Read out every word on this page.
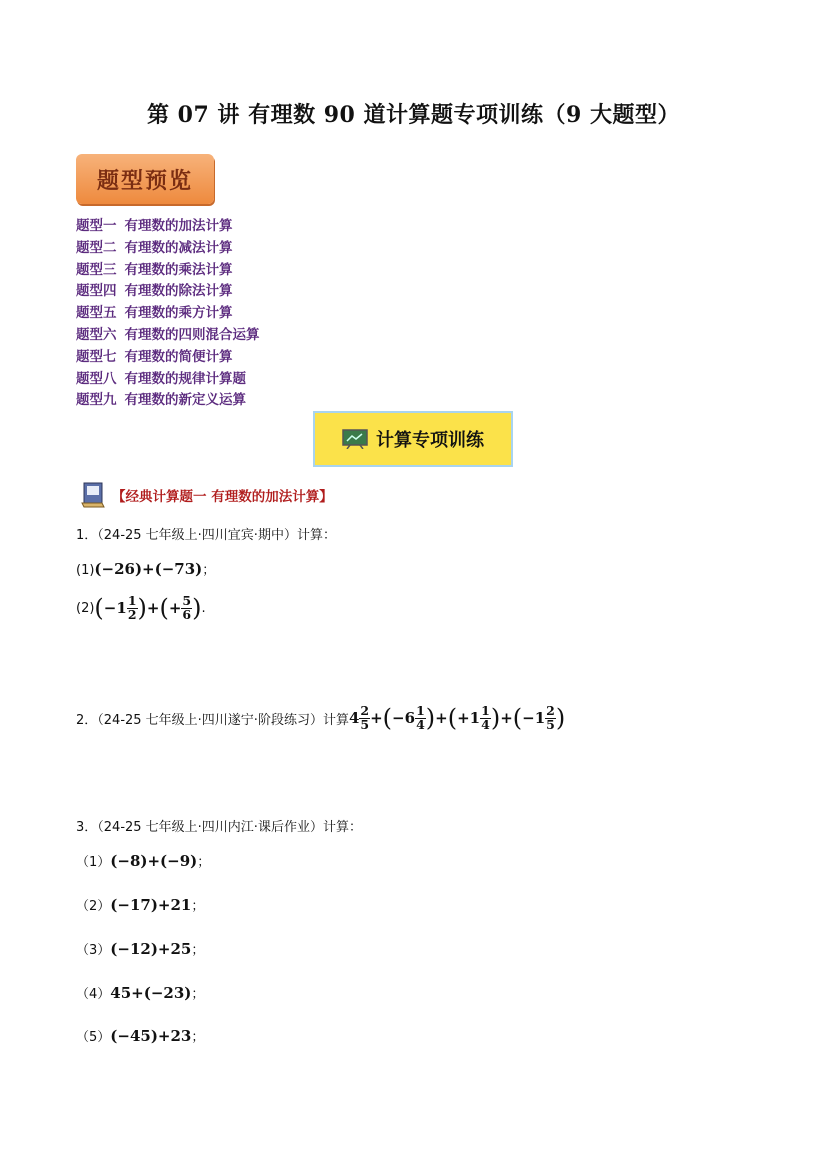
第 07 讲 有理数 90 道计算题专项训练（9 大题型）
题型预览
题型一 有理数的加法计算
题型二 有理数的减法计算
题型三 有理数的乘法计算
题型四 有理数的除法计算
题型五 有理数的乘方计算
题型六 有理数的四则混合运算
题型七 有理数的简便计算
题型八 有理数的规律计算题
题型九 有理数的新定义运算
计算专项训练
【经典计算题一 有理数的加法计算】
1．（24-25 七年级上·四川宜宾·期中）计算：
(1)(−26)+(−73)；
(2) ( $-1 \frac{1}{2}$ ) + ( + $\frac{5}{6}$ ) .
2．（24-25 七年级上·四川遂宁·阶段练习）计算 $4 \frac{2}{5}$ + ( $-6 \frac{1}{4}$ ) + ( $+1 \frac{1}{4}$ ) + ( $-1 \frac{2}{5}$ )
3．（24-25 七年级上·四川内江·课后作业）计算：
（1）(−8)+(−9)；
（2）(−17)+21；
（3）(−12)+25；
（4）45+(−23)；
（5）(−45)+23；
